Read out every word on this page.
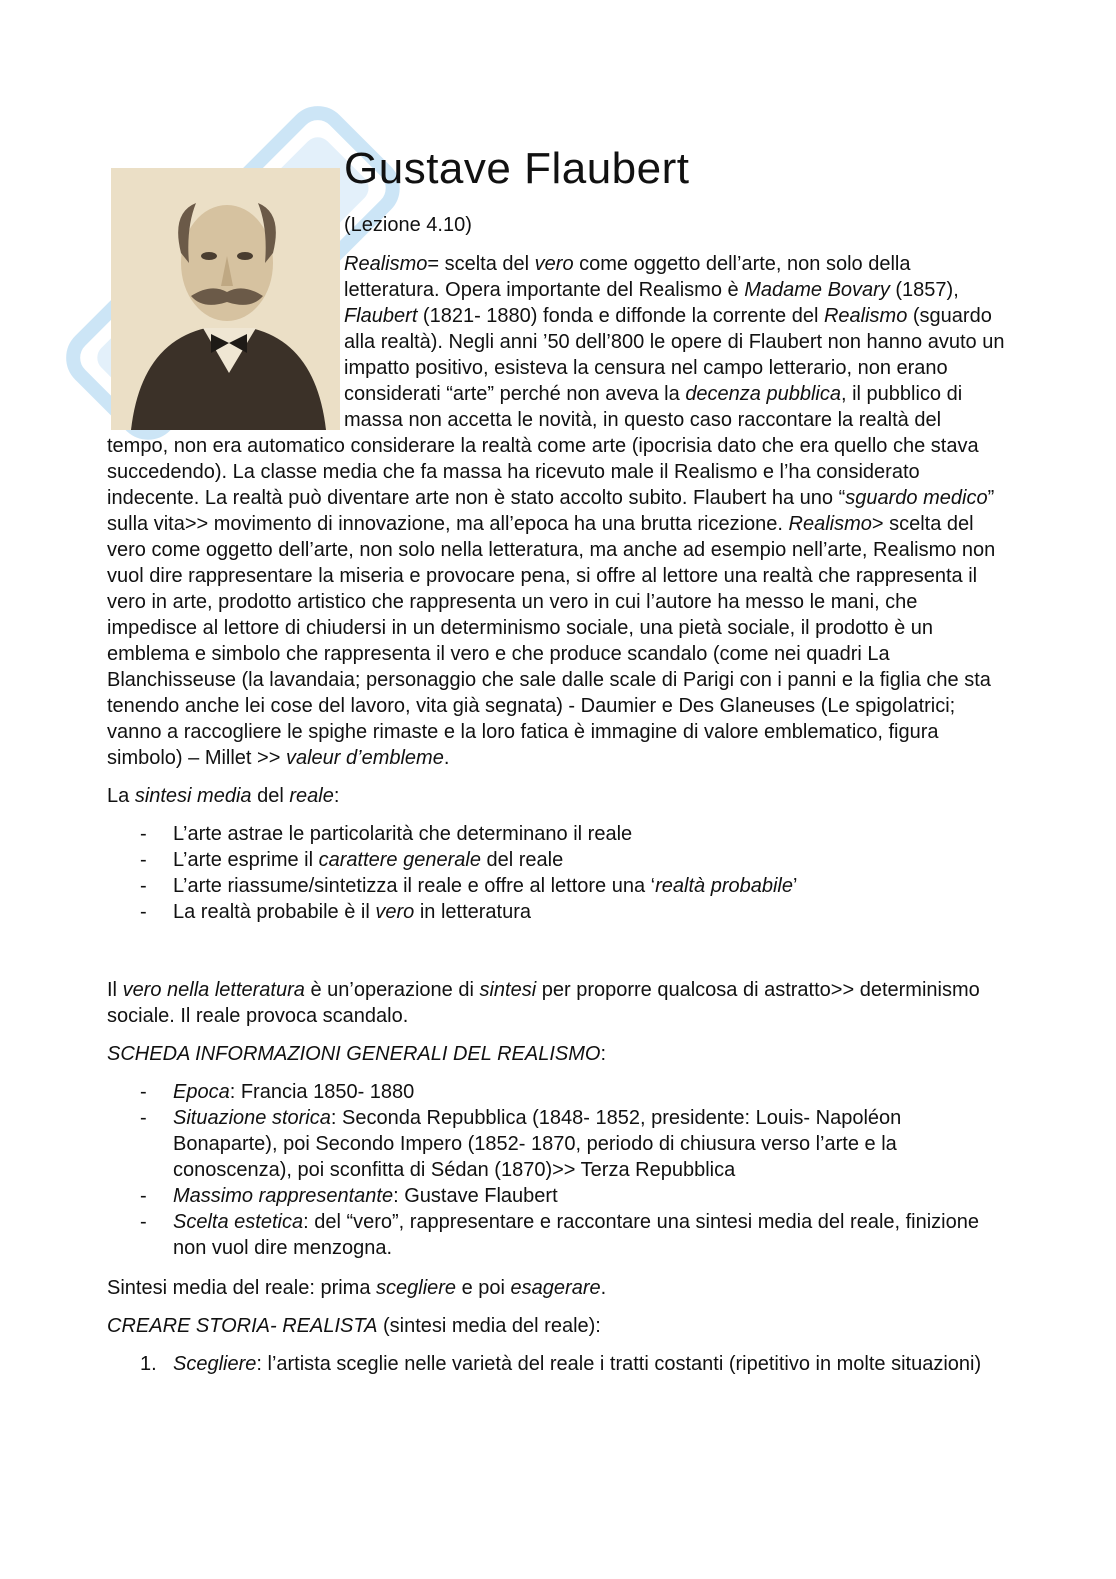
Gustave Flaubert
(Lezione 4.10)

Realismo= scelta del vero come oggetto dell’arte, non solo della letteratura. Opera importante del Realismo è Madame Bovary (1857), Flaubert (1821- 1880) fonda e diffonde la corrente del Realismo (sguardo alla realtà). Negli anni ’50 dell’800 le opere di Flaubert non hanno avuto un impatto positivo, esisteva la censura nel campo letterario, non erano considerati “arte” perché non aveva la decenza pubblica, il pubblico di massa non accetta le novità, in questo caso raccontare la realtà del tempo, non era automatico considerare la realtà come arte (ipocrisia dato che era quello che stava succedendo). La classe media che fa massa ha ricevuto male il Realismo e l’ha considerato indecente. La realtà può diventare arte non è stato accolto subito. Flaubert ha uno “sguardo medico” sulla vita>> movimento di innovazione, ma all’epoca ha una brutta ricezione. Realismo> scelta del vero come oggetto dell’arte, non solo nella letteratura, ma anche ad esempio nell’arte, Realismo non vuol dire rappresentare la miseria e provocare pena, si offre al lettore una realtà che rappresenta il vero in arte, prodotto artistico che rappresenta un vero in cui l’autore ha messo le mani, che impedisce al lettore di chiudersi in un determinismo sociale, una pietà sociale, il prodotto è un emblema e simbolo che rappresenta il vero e che produce scandalo (come nei quadri La Blanchisseuse (la lavandaia; personaggio che sale dalle scale di Parigi con i panni e la figlia che sta tenendo anche lei cose del lavoro, vita già segnata) - Daumier e Des Glaneuses (Le spigolatrici; vanno a raccogliere le spighe rimaste e la loro fatica è immagine di valore emblematico, figura simbolo) – Millet >> valeur d’embleme.

La sintesi media del reale:

- L’arte astrae le particolarità che determinano il reale
- L’arte esprime il carattere generale del reale
- L’arte riassume/sintetizza il reale e offre al lettore una ‘realtà probabile’
- La realtà probabile è il vero in letteratura

Il vero nella letteratura è un’operazione di sintesi per proporre qualcosa di astratto>> determinismo sociale. Il reale provoca scandalo.

SCHEDA INFORMAZIONI GENERALI DEL REALISMO:

- Epoca: Francia 1850- 1880
- Situazione storica: Seconda Repubblica (1848- 1852, presidente: Louis- Napoléon Bonaparte), poi Secondo Impero (1852- 1870, periodo di chiusura verso l’arte e la conoscenza), poi sconfitta di Sédan (1870)>> Terza Repubblica
- Massimo rappresentante: Gustave Flaubert
- Scelta estetica: del “vero”, rappresentare e raccontare una sintesi media del reale, finizione non vuol dire menzogna.

Sintesi media del reale: prima scegliere e poi esagerare.

CREARE STORIA- REALISTA (sintesi media del reale):

1. Scegliere: l’artista sceglie nelle varietà del reale i tratti costanti (ripetitivo in molte situazioni)
